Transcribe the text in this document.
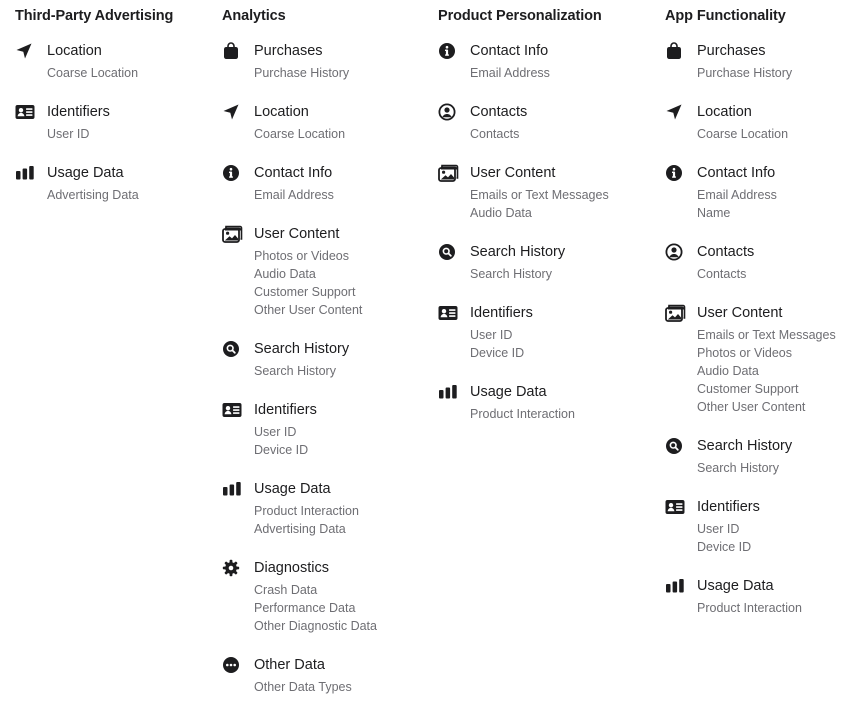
Third-Party Advertising
Location
Coarse Location
Identifiers
User ID
Usage Data
Advertising Data
Analytics
Purchases
Purchase History
Location
Coarse Location
Contact Info
Email Address
User Content
Photos or Videos
Audio Data
Customer Support
Other User Content
Search History
Search History
Identifiers
User ID
Device ID
Usage Data
Product Interaction
Advertising Data
Diagnostics
Crash Data
Performance Data
Other Diagnostic Data
Other Data
Other Data Types
Product Personalization
Contact Info
Email Address
Contacts
Contacts
User Content
Emails or Text Messages
Audio Data
Search History
Search History
Identifiers
User ID
Device ID
Usage Data
Product Interaction
App Functionality
Purchases
Purchase History
Location
Coarse Location
Contact Info
Email Address
Name
Contacts
Contacts
User Content
Emails or Text Messages
Photos or Videos
Audio Data
Customer Support
Other User Content
Search History
Search History
Identifiers
User ID
Device ID
Usage Data
Product Interaction
